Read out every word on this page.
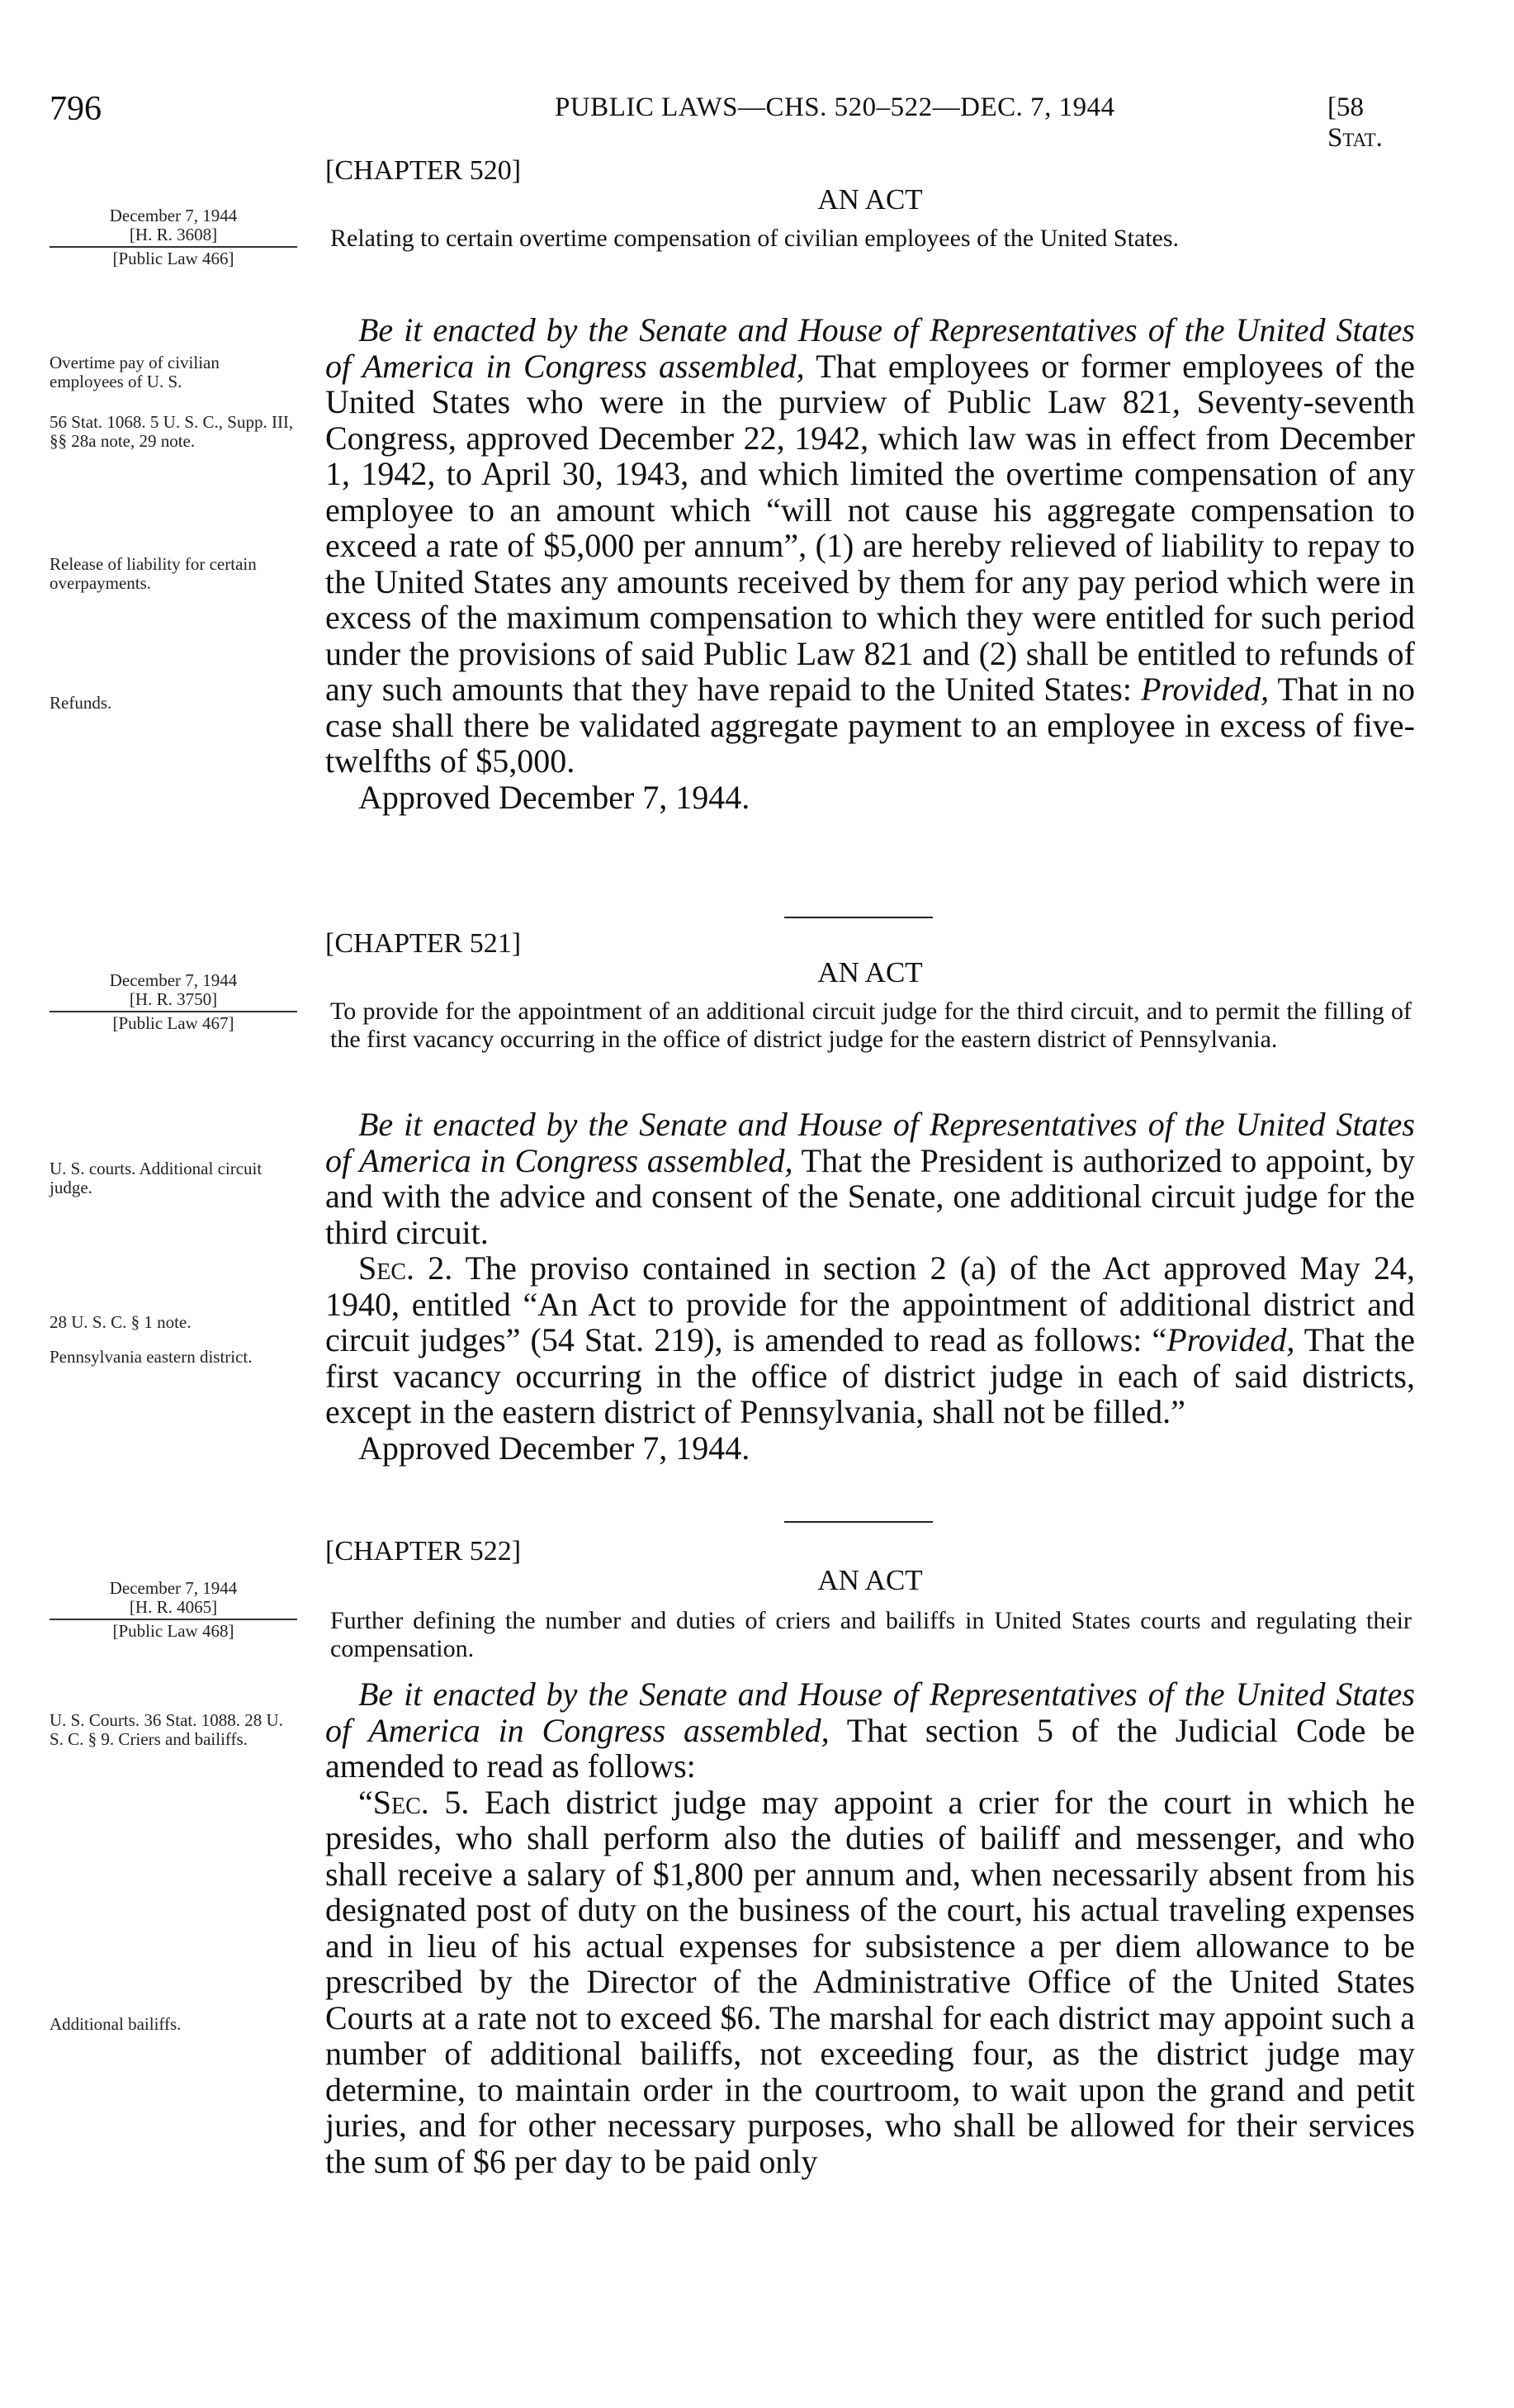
796	PUBLIC LAWS—CHS. 520–522—DEC. 7, 1944	[58 Stat.
[CHAPTER 520]
AN ACT
December 7, 1944
[H. R. 3608]
[Public Law 466]
Relating to certain overtime compensation of civilian employees of the United States.
Overtime pay of civilian employees of U. S.
56 Stat. 1068. 5 U. S. C., Supp. III, §§ 28a note, 29 note.
Release of liability for certain overpayments.
Refunds.

Be it enacted by the Senate and House of Representatives of the United States of America in Congress assembled, That employees or former employees of the United States who were in the purview of Public Law 821, Seventy-seventh Congress, approved December 22, 1942, which law was in effect from December 1, 1942, to April 30, 1943, and which limited the overtime compensation of any employee to an amount which “will not cause his aggregate compensation to exceed a rate of $5,000 per annum”, (1) are hereby relieved of liability to repay to the United States any amounts received by them for any pay period which were in excess of the maximum compensation to which they were entitled for such period under the provisions of said Public Law 821 and (2) shall be entitled to refunds of any such amounts that they have repaid to the United States: Provided, That in no case shall there be validated aggregate payment to an employee in excess of five-twelfths of $5,000.

Approved December 7, 1944.

[CHAPTER 521]
AN ACT
December 7, 1944
[H. R. 3750]
[Public Law 467]	To provide for the appointment of an additional circuit judge for the third circuit, and to permit the filling of the first vacancy occurring in the office of district judge for the eastern district of Pennsylvania.
U. S. courts. Additional circuit judge.
28 U. S. C. § 1 note.
Pennsylvania eastern district.

Be it enacted by the Senate and House of Representatives of the United States of America in Congress assembled, That the President is authorized to appoint, by and with the advice and consent of the Senate, one additional circuit judge for the third circuit.

Sec. 2. The proviso contained in section 2 (a) of the Act approved May 24, 1940, entitled “An Act to provide for the appointment of additional district and circuit judges” (54 Stat. 219), is amended to read as follows: “Provided, That the first vacancy occurring in the office of district judge in each of said districts, except in the eastern district of Pennsylvania, shall not be filled.”

Approved December 7, 1944.

[CHAPTER 522]
AN ACT
December 7, 1944
[H. R. 4065]
[Public Law 468]	Further defining the number and duties of criers and bailiffs in United States courts and regulating their compensation.
U. S. Courts. 36 Stat. 1088. 28 U. S. C. § 9. Criers and bailiffs.
Additional bailiffs.

Be it enacted by the Senate and House of Representatives of the United States of America in Congress assembled, That section 5 of the Judicial Code be amended to read as follows:

“Sec. 5. Each district judge may appoint a crier for the court in which he presides, who shall perform also the duties of bailiff and messenger, and who shall receive a salary of $1,800 per annum and, when necessarily absent from his designated post of duty on the business of the court, his actual traveling expenses and in lieu of his actual expenses for subsistence a per diem allowance to be prescribed by the Director of the Administrative Office of the United States Courts at a rate not to exceed $6. The marshal for each district may appoint such a number of additional bailiffs, not exceeding four, as the district judge may determine, to maintain order in the courtroom, to wait upon the grand and petit juries, and for other necessary purposes, who shall be allowed for their services the sum of $6 per day to be paid only
